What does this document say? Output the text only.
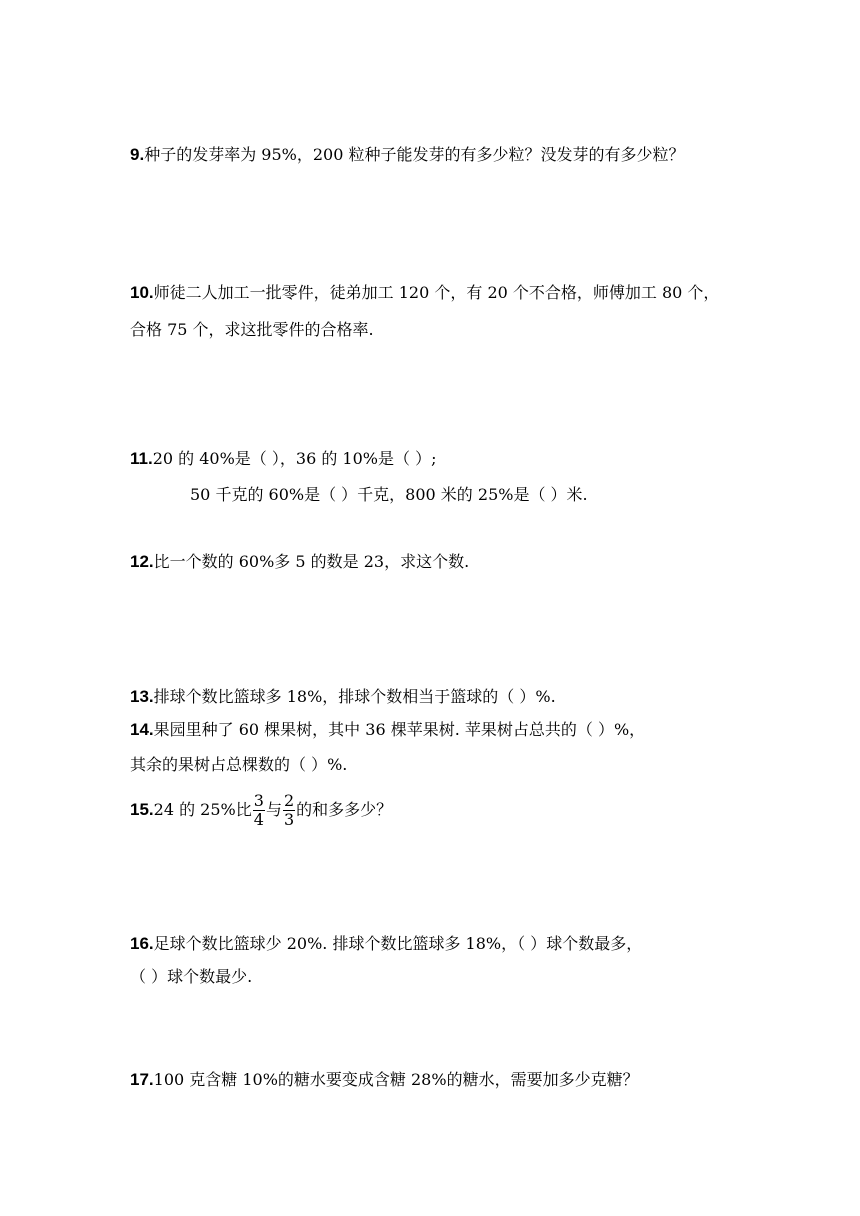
9.种子的发芽率为 95%，200 粒种子能发芽的有多少粒？没发芽的有多少粒？
10.师徒二人加工一批零件，徒弟加工 120 个，有 20 个不合格，师傅加工 80 个，
合格 75 个，求这批零件的合格率.
11.20 的 40%是（ ），36 的 10%是（ ）;
50 千克的 60%是（ ）千克，800 米的 25%是（ ）米.
12.比一个数的 60%多 5 的数是 23，求这个数.
13.排球个数比篮球多 18%，排球个数相当于篮球的（ ）%.
14.果园里种了 60 棵果树，其中 36 棵苹果树. 苹果树占总共的（ ）%，
其余的果树占总棵数的（ ）%.
15.24 的 25%比 $\frac{3}{4}$ 与 $\frac{2}{3}$ 的和多多少？
16.足球个数比篮球少 20%. 排球个数比篮球多 18%，（ ）球个数最多，
（ ）球个数最少.
17.100 克含糖 10%的糖水要变成含糖 28%的糖水，需要加多少克糖？
